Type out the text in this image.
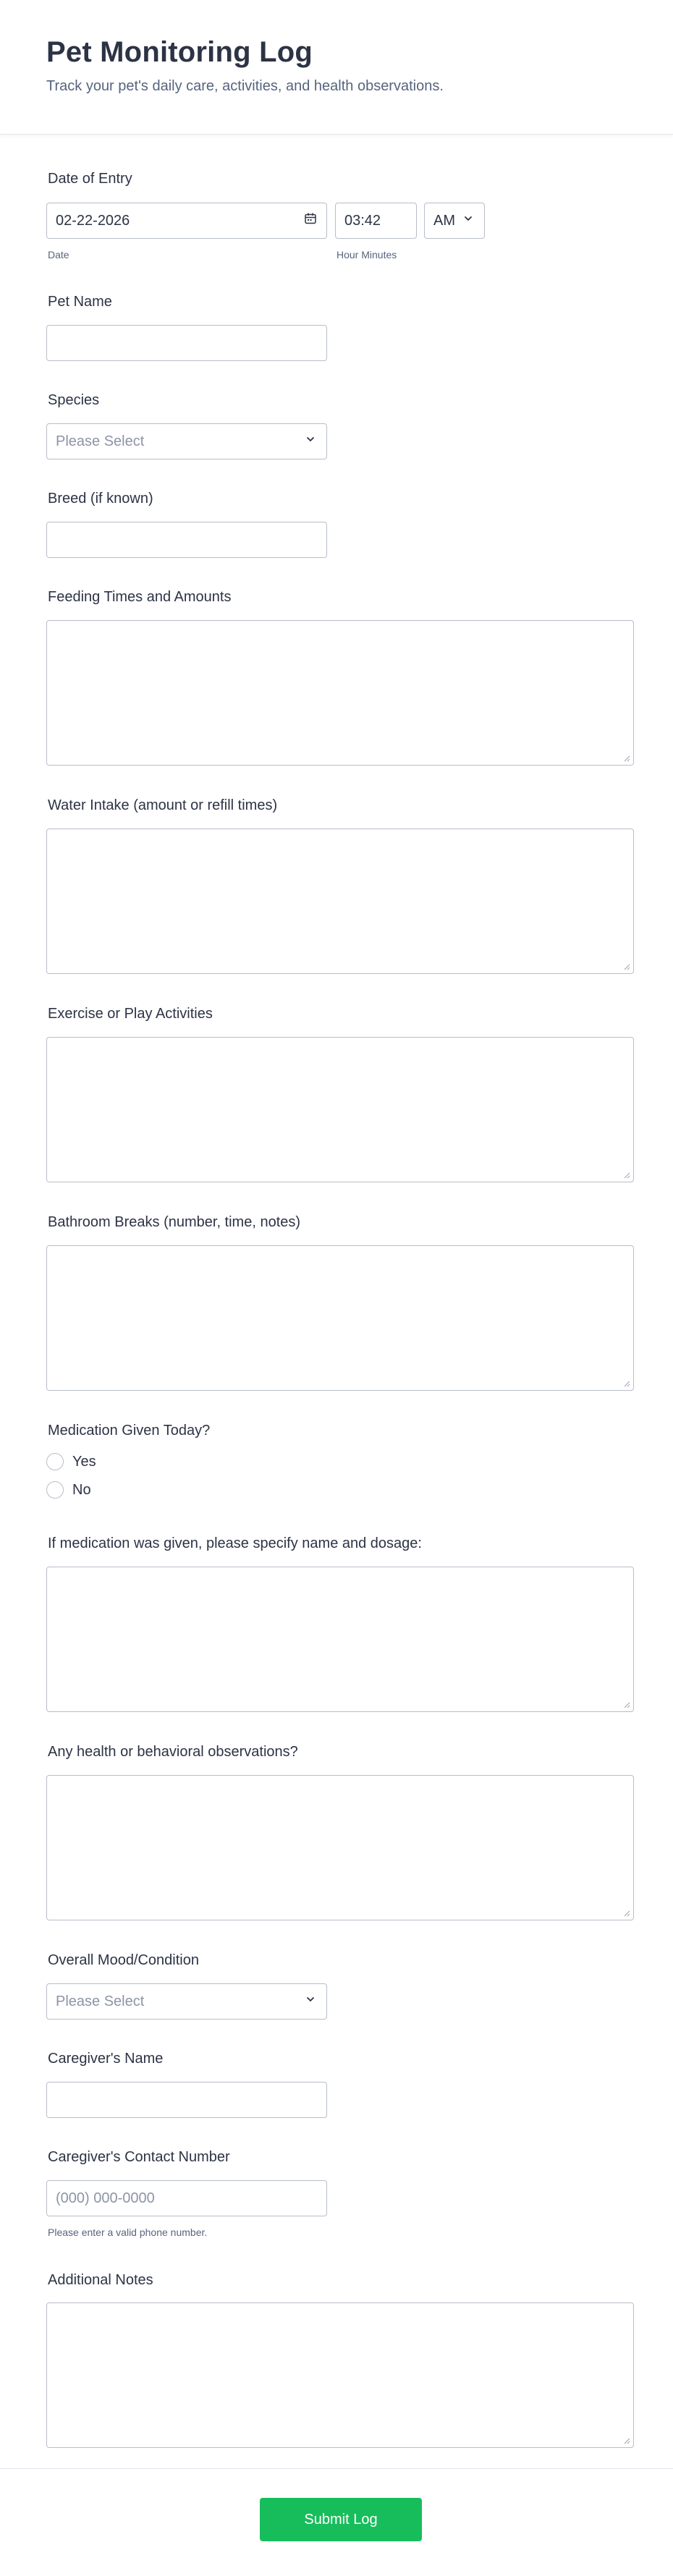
Pet Monitoring Log

Track your pet's daily care, activities, and health observations.

Date of Entry
02-22-2026	03:42	AM
Date	Hour Minutes
Pet Name
Species
Please Select
Breed (if known)
Feeding Times and Amounts
Water Intake (amount or refill times)
Exercise or Play Activities
Bathroom Breaks (number, time, notes)
Medication Given Today?
Yes
No
If medication was given, please specify name and dosage:
Any health or behavioral observations?
Overall Mood/Condition
Please Select
Caregiver's Name
Caregiver's Contact Number
(000) 000-0000
Please enter a valid phone number.
Additional Notes
Submit Log
